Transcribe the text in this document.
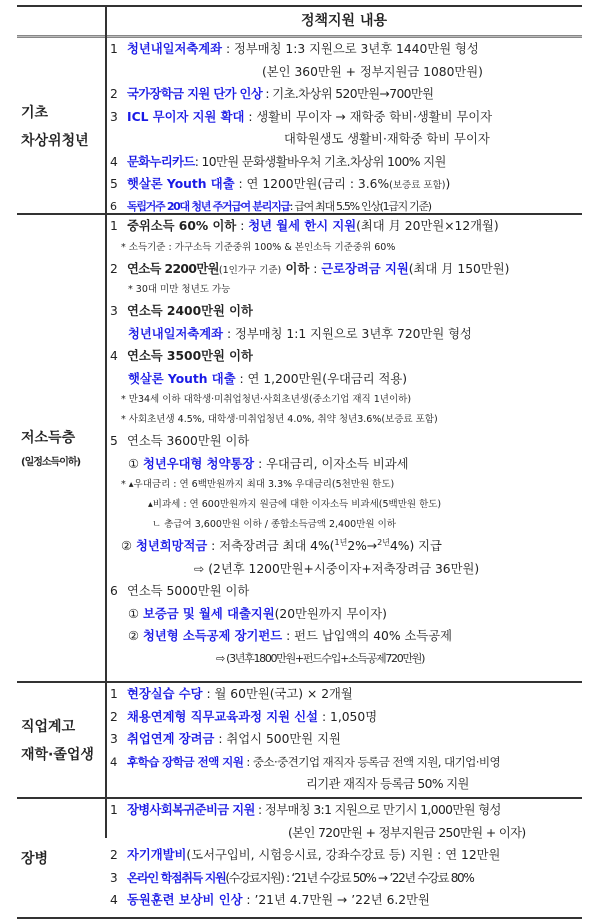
정책지원 내용
기초
차상위청년
1 청년내일저축계좌 : 정부매칭 1:3 지원으로 3년후 1440만원 형성
(본인 360만원 + 정부지원금 1080만원)
2 국가장학금 지원 단가 인상 : 기초.차상위 520만원→700만원
3 ICL 무이자 지원 확대 : 생활비 무이자 → 재학중 학비·생활비 무이자
대학원생도 생활비·재학중 학비 무이자
4 문화누리카드: 10만원 문화생활바우처 기초.차상위 100% 지원
5 햇살론 Youth 대출 : 연 1200만원(금리 : 3.6%(보증료 포함))
6 독립거주 20대 청년 주거급여 분리지급: 급여 최대 5.5% 인상(1급지 기준)
저소득층
(일정소득이하)
1 중위소득 60% 이하 : 청년 월세 한시 지원(최대 月 20만원×12개월)
* 소득기준 : 가구소득 기준중위 100% & 본인소득 기준중위 60%
2 연소득 2200만원(1인가구 기준) 이하 : 근로장려금 지원(최대 月 150만원)
* 30대 미만 청년도 가능
3 연소득 2400만원 이하
청년내일저축계좌 : 정부매칭 1:1 지원으로 3년후 720만원 형성
4 연소득 3500만원 이하
햇살론 Youth 대출 : 연 1,200만원(우대금리 적용)
* 만34세 이하 대학생·미취업청년·사회초년생(중소기업 재직 1년이하)
* 사회초년생 4.5%, 대학생·미취업청년 4.0%, 취약 청년3.6%(보증료 포함)
5 연소득 3600만원 이하
① 청년우대형 청약통장 : 우대금리, 이자소득 비과세
* ▴우대금리 : 연 6백만원까지 최대 3.3% 우대금리(5천만원 한도)
▴비과세 : 연 600만원까지 원금에 대한 이자소득 비과세(5백만원 한도)
ㄴ 총급여 3,600만원 이하 / 종합소득금액 2,400만원 이하
② 청년희망적금 : 저축장려금 최대 4%($^{1년}$2%→$^{2년}$4%) 지급
⇨ (2년후 1200만원+시중이자+저축장려금 36만원)
6 연소득 5000만원 이하
① 보증금 및 월세 대출지원(20만원까지 무이자)
② 청년형 소득공제 장기펀드 : 펀드 납입액의 40% 소득공제
⇨ (3년후1800만원+펀드수입+소득공제720만원)
직업계고
재학·졸업생
1 현장실습 수당 : 월 60만원(국고) × 2개월
2 채용연계형 직무교육과정 지원 신설 : 1,050명
3 취업연계 장려금 : 취업시 500만원 지원
4 후학습 장학금 전액 지원 : 중소·중견기업 재직자 등록금 전액 지원, 대기업·비영
리기관 재직자 등록금 50% 지원
장병
1 장병사회복귀준비금 지원 : 정부매칭 3:1 지원으로 만기시 1,000만원 형성
(본인 720만원 + 정부지원금 250만원 + 이자)
2 자기개발비(도서구입비, 시험응시료, 강좌수강료 등) 지원 : 연 12만원
3 온라인 학점취득 지원(수강료지원) : ‘21년 수강료 50% → ’22년 수강료 80%
4 동원훈련 보상비 인상 : ’21년 4.7만원 → ’22년 6.2만원
